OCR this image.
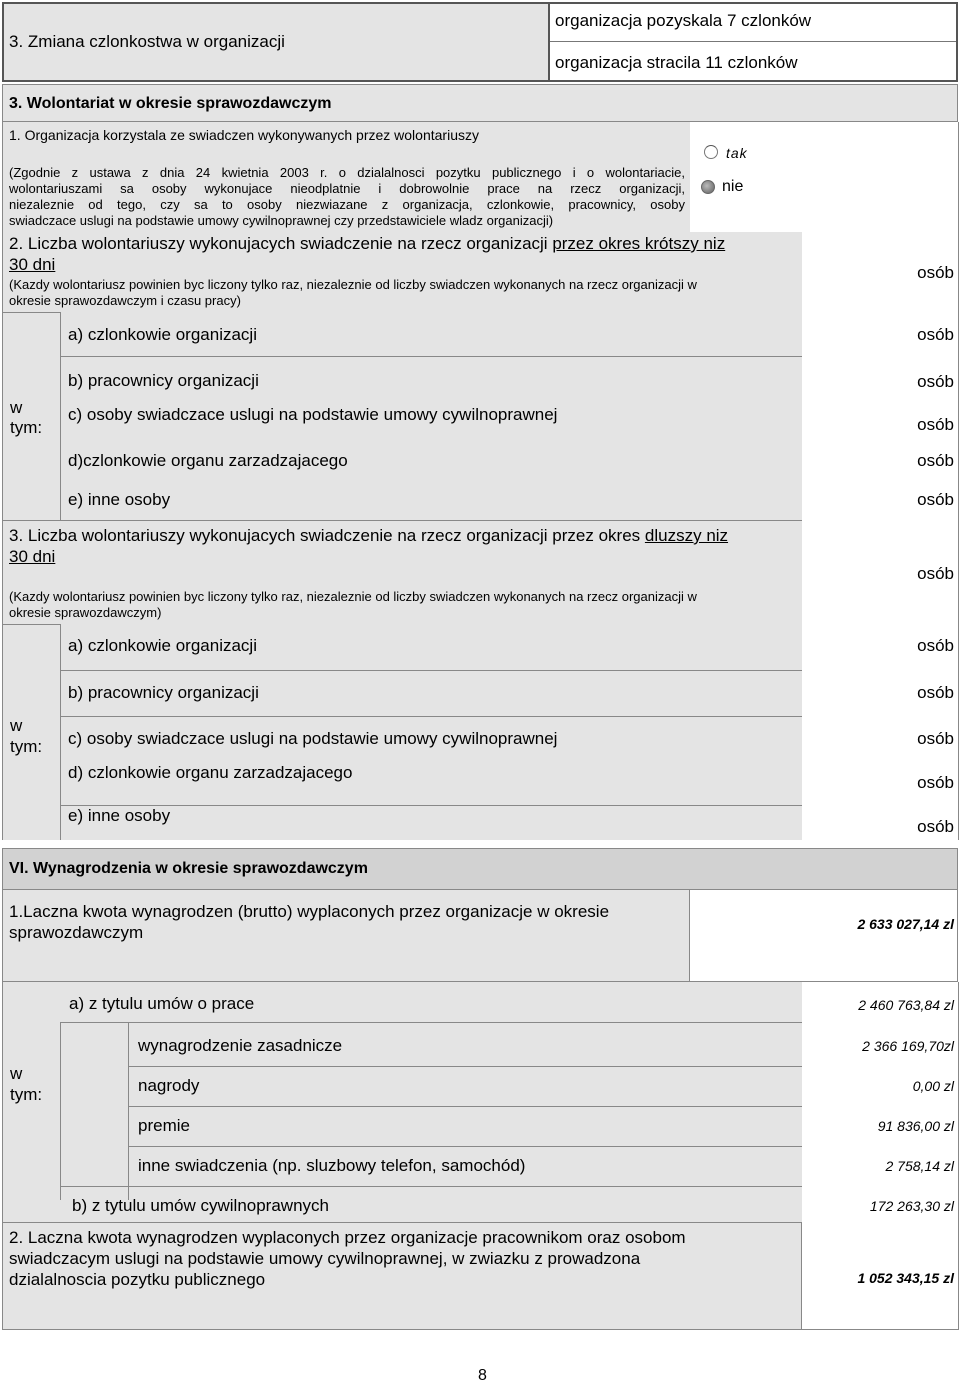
3. Zmiana czlonkostwa w organizacji
organizacja pozyskala 7 czlonków
organizacja stracila 11 czlonków
3. Wolontariat w okresie sprawozdawczym
1. Organizacja korzystala ze swiadczen wykonywanych przez wolontariuszy
(Zgodnie z ustawa z dnia 24 kwietnia 2003 r. o dzialalnosci pozytku publicznego i o wolontariacie,
wolontariuszami sa osoby wykonujace nieodplatnie i dobrowolnie prace na rzecz organizacji,
niezaleznie od tego, czy sa to osoby niezwiazane z organizacja, czlonkowie, pracownicy, osoby
swiadczace uslugi na podstawie umowy cywilnoprawnej czy przedstawiciele wladz organizacji)
tak
nie
2. Liczba wolontariuszy wykonujacych swiadczenie na rzecz organizacji przez okres krótszy niz
30 dni
(Kazdy wolontariusz powinien byc liczony tylko raz, niezaleznie od liczby swiadczen wykonanych na rzecz organizacji w
okresie sprawozdawczym i czasu pracy)
osób
a) czlonkowie organizacji
b) pracownicy organizacji
c) osoby swiadczace uslugi na podstawie umowy cywilnoprawnej
d)czlonkowie organu zarzadzajacego
e) inne osoby
w
tym:
osób
osób
osób
osób
osób
3. Liczba wolontariuszy wykonujacych swiadczenie na rzecz organizacji przez okres dluzszy niz
30 dni
(Kazdy wolontariusz powinien byc liczony tylko raz, niezaleznie od liczby swiadczen wykonanych na rzecz organizacji w
okresie sprawozdawczym)
osób
a) czlonkowie organizacji
b) pracownicy organizacji
c) osoby swiadczace uslugi na podstawie umowy cywilnoprawnej
d) czlonkowie organu zarzadzajacego
e) inne osoby
w
tym:
osób
osób
osób
osób
osób
VI. Wynagrodzenia w okresie sprawozdawczym
1.Laczna kwota wynagrodzen (brutto) wyplaconych przez organizacje w okresie
sprawozdawczym	2 633 027,14 zl
a) z tytulu umów o prace
wynagrodzenie zasadnicze
nagrody
premie
inne swiadczenia (np. sluzbowy telefon, samochód)
b) z tytulu umów cywilnoprawnych
w
tym:
2 460 763,84 zl
2 366 169,70zl
0,00 zl
91 836,00 zl
2 758,14 zl
172 263,30 zl
2. Laczna kwota wynagrodzen wyplaconych przez organizacje pracownikom oraz osobom
swiadczacym uslugi na podstawie umowy cywilnoprawnej, w zwiazku z prowadzona
dzialalnoscia pozytku publicznego	1 052 343,15 zl
8
